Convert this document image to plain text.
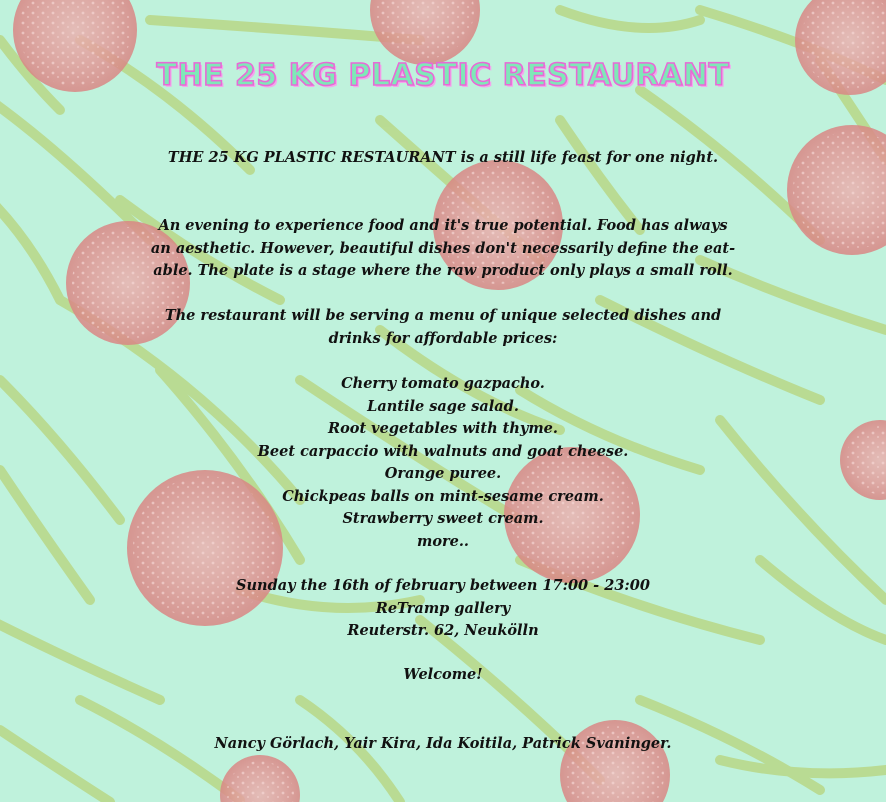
THE 25 KG PLASTIC RESTAURANT

THE 25 KG PLASTIC RESTAURANT is a still life feast for one night.

An evening to experience food and it's true potential. Food has always
an aesthetic. However, beautiful dishes don't necessarily define the eat-
able. The plate is a stage where the raw product only plays a small roll.

The restaurant will be serving a menu of unique selected dishes and
drinks for affordable prices:

Cherry tomato gazpacho.
Lantile sage salad.
Root vegetables with thyme.
Beet carpaccio with walnuts and goat cheese.
Orange puree.
Chickpeas balls on mint-sesame cream.
Strawberry sweet cream.
more..

Sunday the 16th of february between 17:00 - 23:00
ReTramp gallery
Reuterstr. 62, Neukölln

Welcome!

Nancy Görlach, Yair Kira, Ida Koitila, Patrick Svaninger.
